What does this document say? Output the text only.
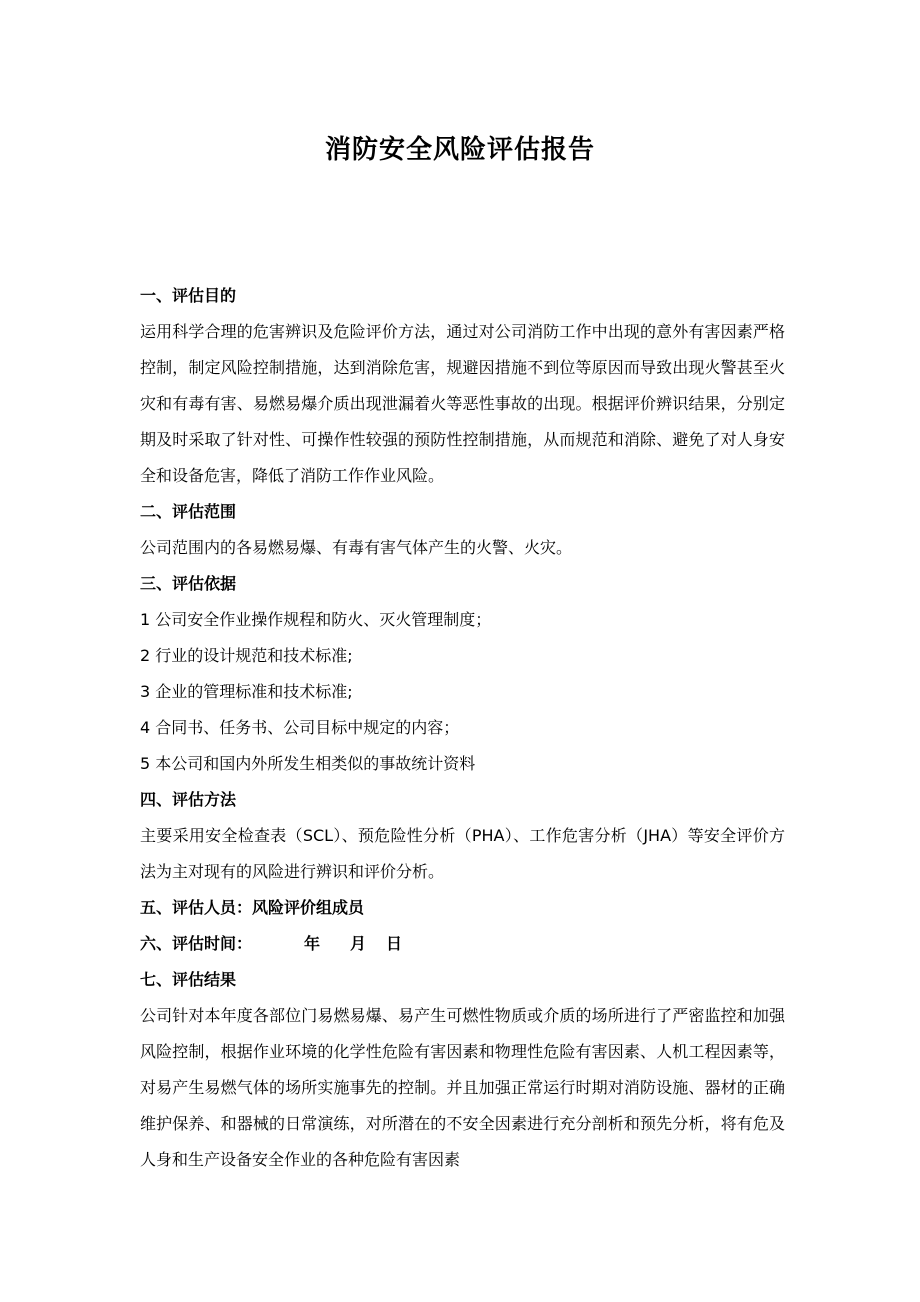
消防安全风险评估报告
一、评估目的
运用科学合理的危害辨识及危险评价方法，通过对公司消防工作中出现的意外有害因素严格控制，制定风险控制措施，达到消除危害，规避因措施不到位等原因而导致出现火警甚至火灾和有毒有害、易燃易爆介质出现泄漏着火等恶性事故的出现。根据评价辨识结果，分别定期及时采取了针对性、可操作性较强的预防性控制措施，从而规范和消除、避免了对人身安全和设备危害，降低了消防工作作业风险。
二、评估范围
公司范围内的各易燃易爆、有毒有害气体产生的火警、火灾。
三、评估依据
1 公司安全作业操作规程和防火、灭火管理制度；
2 行业的设计规范和技术标准;
3 企业的管理标准和技术标准;
4 合同书、任务书、公司目标中规定的内容；
5 本公司和国内外所发生相类似的事故统计资料
四、评估方法
主要采用安全检查表（SCL）、预危险性分析（PHA）、工作危害分析（JHA）等安全评价方法为主对现有的风险进行辨识和评价分析。
五、评估人员：风险评价组成员
六、评估时间：	年 月 日
七、评估结果
公司针对本年度各部位门易燃易爆、易产生可燃性物质或介质的场所进行了严密监控和加强风险控制，根据作业环境的化学性危险有害因素和物理性危险有害因素、人机工程因素等，对易产生易燃气体的场所实施事先的控制。并且加强正常运行时期对消防设施、器材的正确维护保养、和器械的日常演练，对所潜在的不安全因素进行充分剖析和预先分析，将有危及人身和生产设备安全作业的各种危险有害因素
